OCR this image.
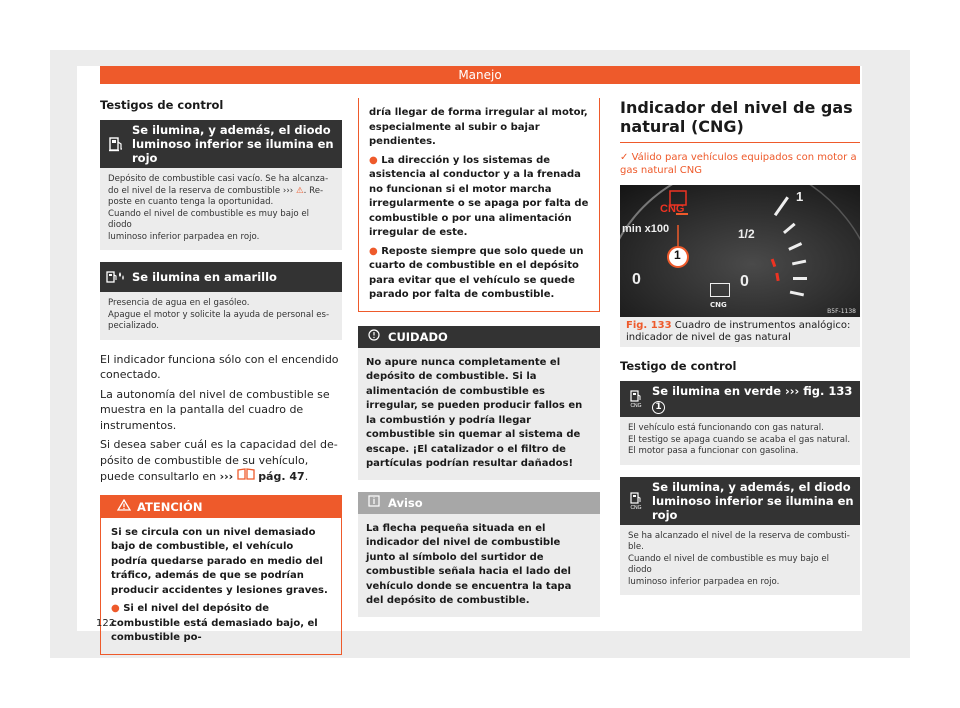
Manejo
Testigos de control
Se ilumina, y además, el diodo luminoso inferior se ilumina en rojo
Depósito de combustible casi vacío. Se ha alcanza-
do el nivel de la reserva de combustible ››› ⚠. Re-
poste en cuanto tenga la oportunidad.
Cuando el nivel de combustible es muy bajo el diodo
luminoso inferior parpadea en rojo.
Se ilumina en amarillo
Presencia de agua en el gasóleo.
Apague el motor y solicite la ayuda de personal es-
pecializado.

El indicador funciona sólo con el encendido conectado.

La autonomía del nivel de combustible se muestra en la pantalla del cuadro de instrumentos.

Si desea saber cuál es la capacidad del depósito de combustible de su vehículo, puede consultarlo en ››› pág. 47.

ATENCIÓN
Si se circula con un nivel demasiado bajo de combustible, el vehículo podría quedarse parado en medio del tráfico, además de que se podrían producir accidentes y lesiones graves.
● Si el nivel del depósito de combustible está demasiado bajo, el combustible po-
dría llegar de forma irregular al motor, especialmente al subir o bajar pendientes.
● La dirección y los sistemas de asistencia al conductor y a la frenada no funcionan si el motor marcha irregularmente o se apaga por falta de combustible o por una alimentación irregular de este.
● Reposte siempre que solo quede un cuarto de combustible en el depósito para evitar que el vehículo se quede parado por falta de combustible.
CUIDADO
No apure nunca completamente el depósito de combustible. Si la alimentación de combustible es irregular, se pueden producir fallos en la combustión y podría llegar combustible sin quemar al sistema de escape. ¡El catalizador o el filtro de partículas podrían resultar dañados!
Aviso
La flecha pequeña situada en el indicador del nivel de combustible junto al símbolo del surtidor de combustible señala hacia el lado del vehículo donde se encuentra la tapa del depósito de combustible.
Indicador del nivel de gas natural (CNG)
✓ Válido para vehículos equipados con motor a gas natural CNG
CNG
min x100
1
1
1/2
0
0
CNG
B5F-1138
Fig. 133 Cuadro de instrumentos analógico: indicador de nivel de gas natural
Testigo de control
CNG
Se ilumina en verde ››› fig. 133 1
El vehículo está funcionando con gas natural.
El testigo se apaga cuando se acaba el gas natural.
El motor pasa a funcionar con gasolina.
CNG
Se ilumina, y además, el diodo luminoso inferior se ilumina en rojo
Se ha alcanzado el nivel de la reserva de combusti-
ble.
Cuando el nivel de combustible es muy bajo el diodo
luminoso inferior parpadea en rojo.
122
